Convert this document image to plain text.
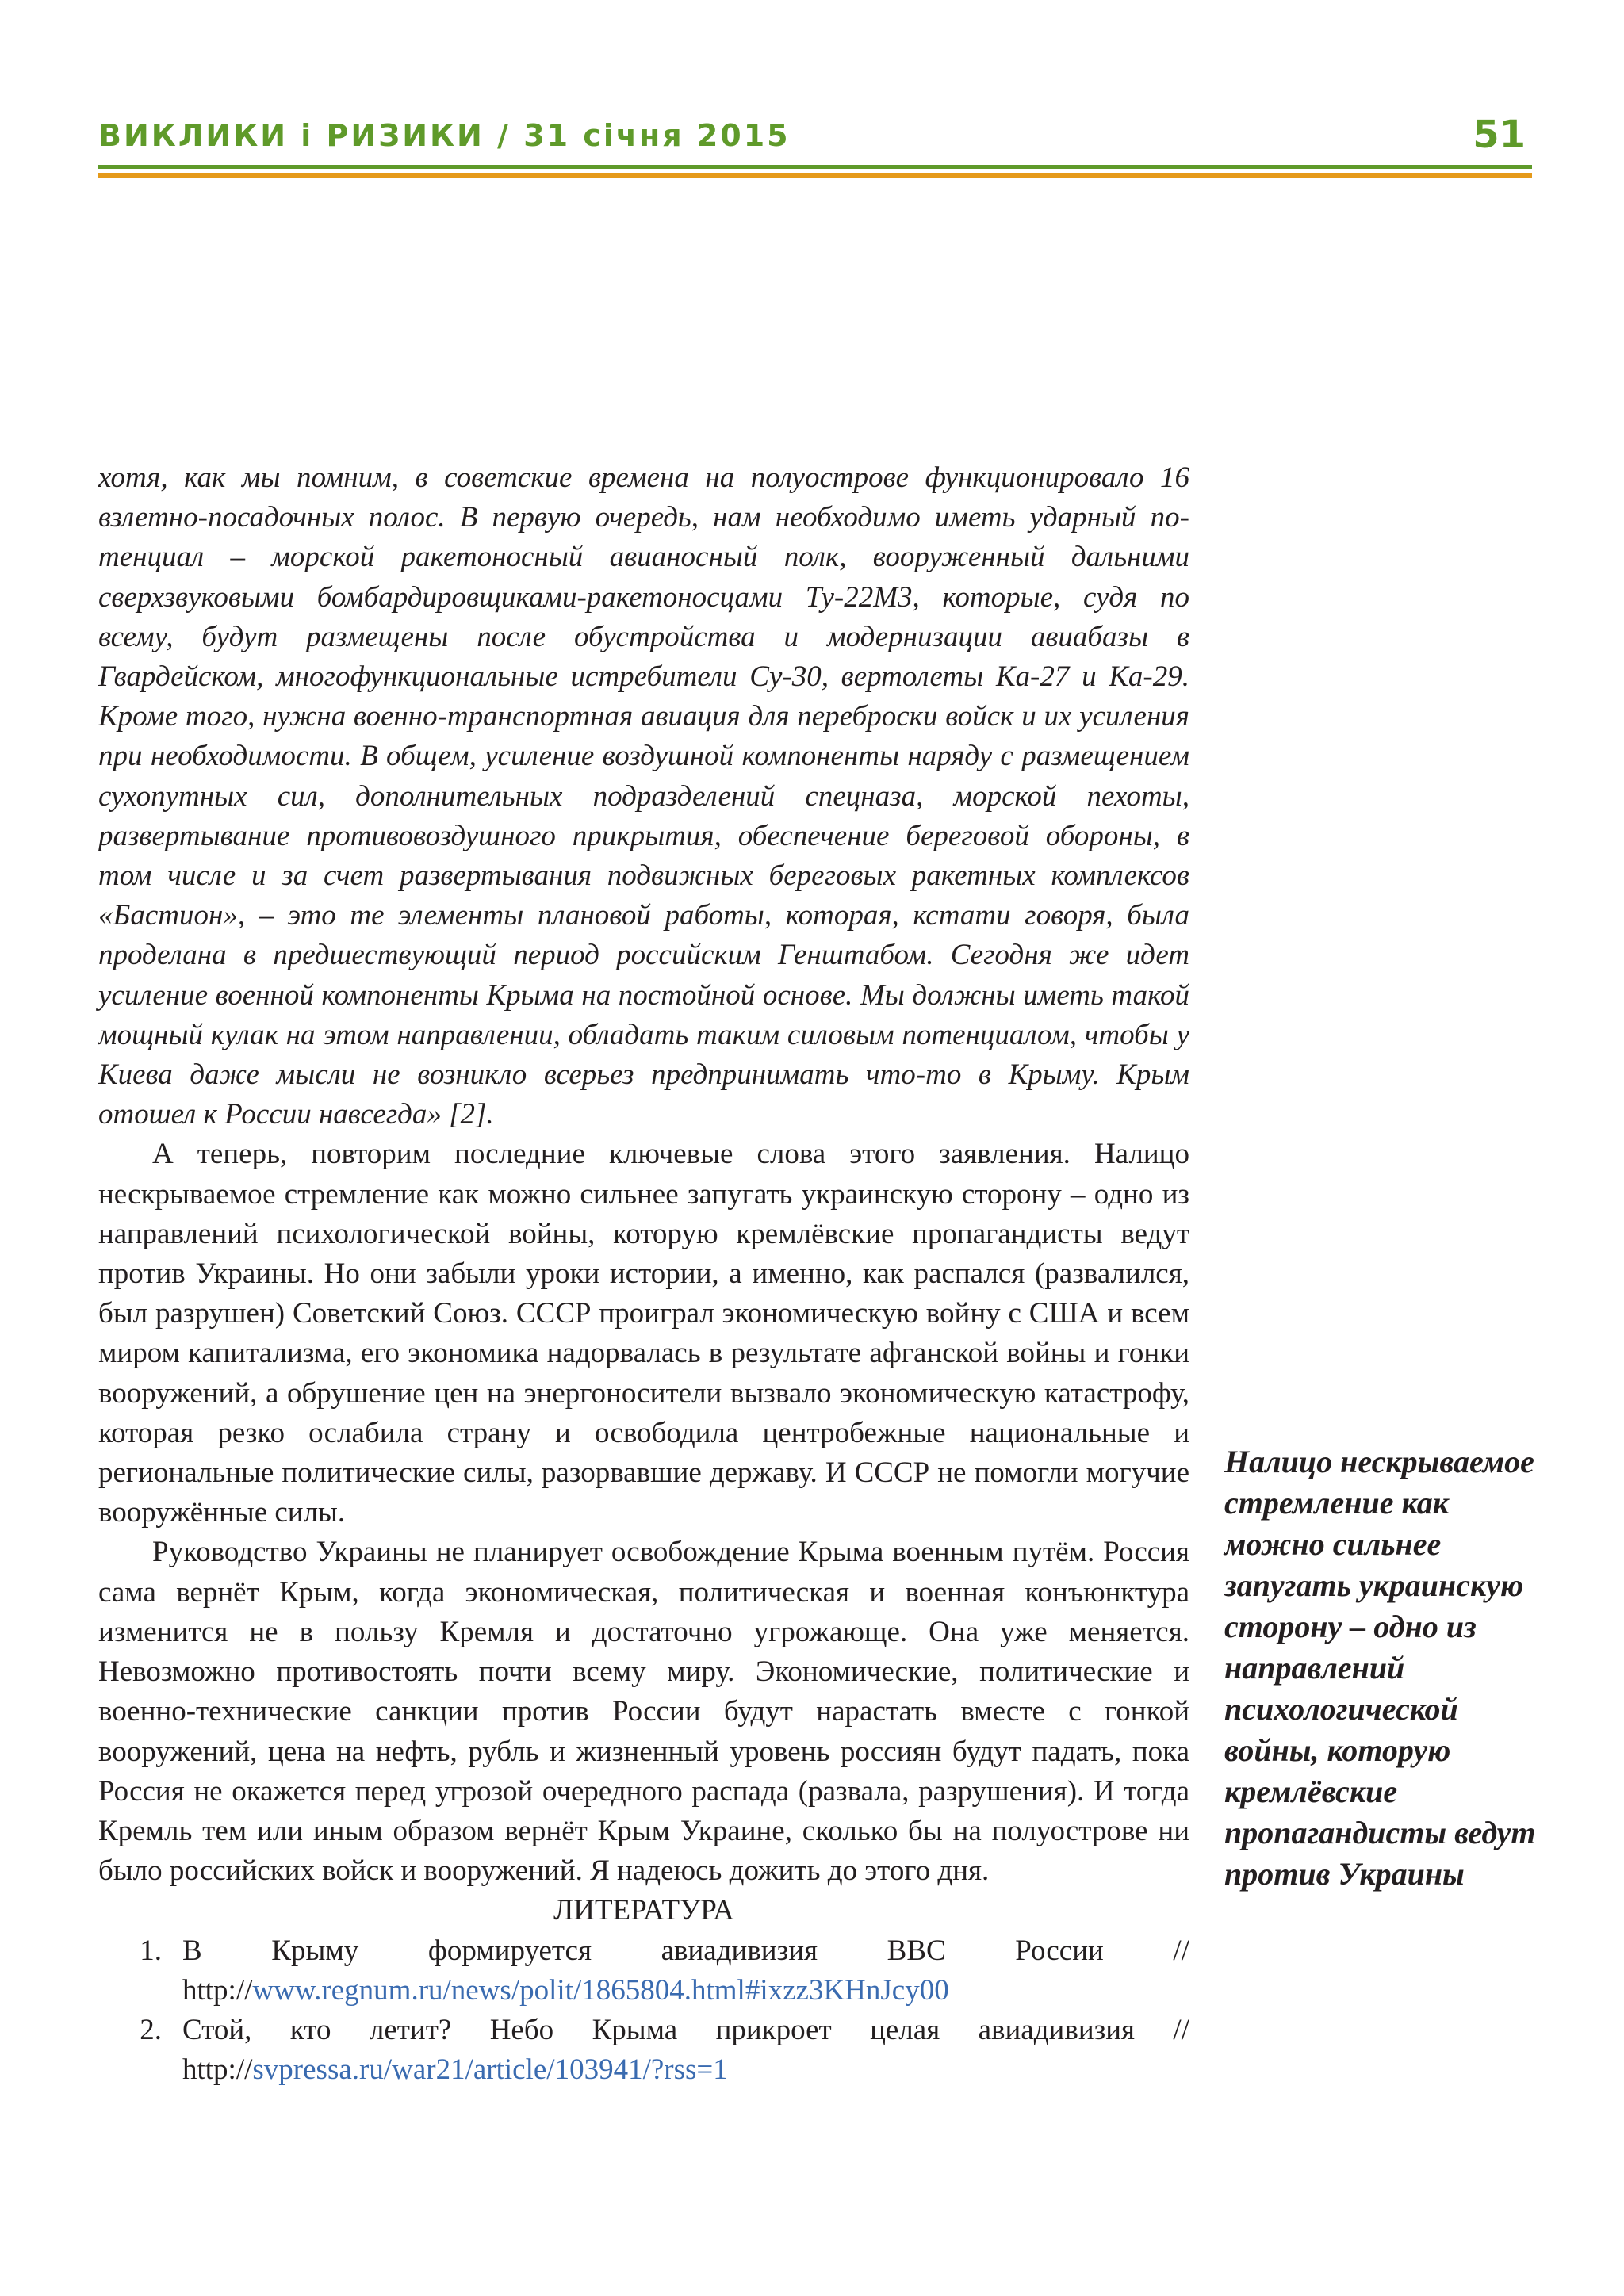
ВИКЛИКИ і РИЗИКИ / 31 січня 2015	51

хотя, как мы помним, в советские времена на полуострове функционировало 16 взлетно-посадочных полос. В первую очередь, нам необходимо иметь ударный потенциал – морской ракетоносный авианосный полк, вооруженный дальними сверхзвуковыми бомбардировщиками-ракетоносцами Ту-22М3, которые, судя по всему, будут размещены после обустройства и модернизации авиабазы в Гвардейском, многофункциональные истребители Су-30, вертолеты Ка-27 и Ка-29. Кроме того, нужна военно-транспортная авиация для переброски войск и их усиления при необходимости. В общем, усиление воздушной компоненты наряду с размещением сухопутных сил, дополнительных подразделений спецназа, морской пехоты, развертывание противовоздушного прикрытия, обеспечение береговой обороны, в том числе и за счет развертывания подвижных береговых ракетных комплексов «Бастион», – это те элементы плановой работы, которая, кстати говоря, была проделана в предшествующий период российским Генштабом. Сегодня же идет усиление военной компоненты Крыма на постойной основе. Мы должны иметь такой мощный кулак на этом направлении, обладать таким силовым потенциалом, чтобы у Киева даже мысли не возникло всерьез предпринимать что-то в Крыму. Крым отошел к России навсегда» [2].

А теперь, повторим последние ключевые слова этого заявления. Налицо нескрываемое стремление как можно сильнее запугать украинскую сторону – одно из направлений психологической войны, которую кремлёвские пропагандисты ведут против Украины. Но они забыли уроки истории, а именно, как распался (развалился, был разрушен) Советский Союз. СССР проиграл экономическую войну с США и всем миром капитализма, его экономика надорвалась в результате афганской войны и гонки вооружений, а обрушение цен на энергоносители вызвало экономическую катастрофу, которая резко ослабила страну и освободила центробежные национальные и региональные политические силы, разорвавшие державу. И СССР не помогли могучие вооружённые силы.

Руководство Украины не планирует освобождение Крыма военным путём. Россия сама вернёт Крым, когда экономическая, политическая и военная конъюнктура изменится не в пользу Кремля и достаточно угрожающе. Она уже меняется. Невозможно противостоять почти всему миру. Экономические, политические и военно-технические санкции против России будут нарастать вместе с гонкой вооружений, цена на нефть, рубль и жизненный уровень россиян будут падать, пока Россия не окажется перед угрозой очередного распада (развала, разрушения). И тогда Кремль тем или иным образом вернёт Крым Украине, сколько бы на полуострове ни было российских войск и вооружений. Я надеюсь дожить до этого дня.

ЛИТЕРАТУРА

1. В Крыму формируется авиадивизия ВВС России // http://www.regnum.ru/news/polit/1865804.html#ixzz3KHnJcy00
2. Стой, кто летит? Небо Крыма прикроет целая авиадивизия // http://svpressa.ru/war21/article/103941/?rss=1

Налицо нескрываемое стремление как можно сильнее запугать украинскую сторону – одно из направлений психологической войны, которую кремлёвские пропагандисты ведут против Украины
